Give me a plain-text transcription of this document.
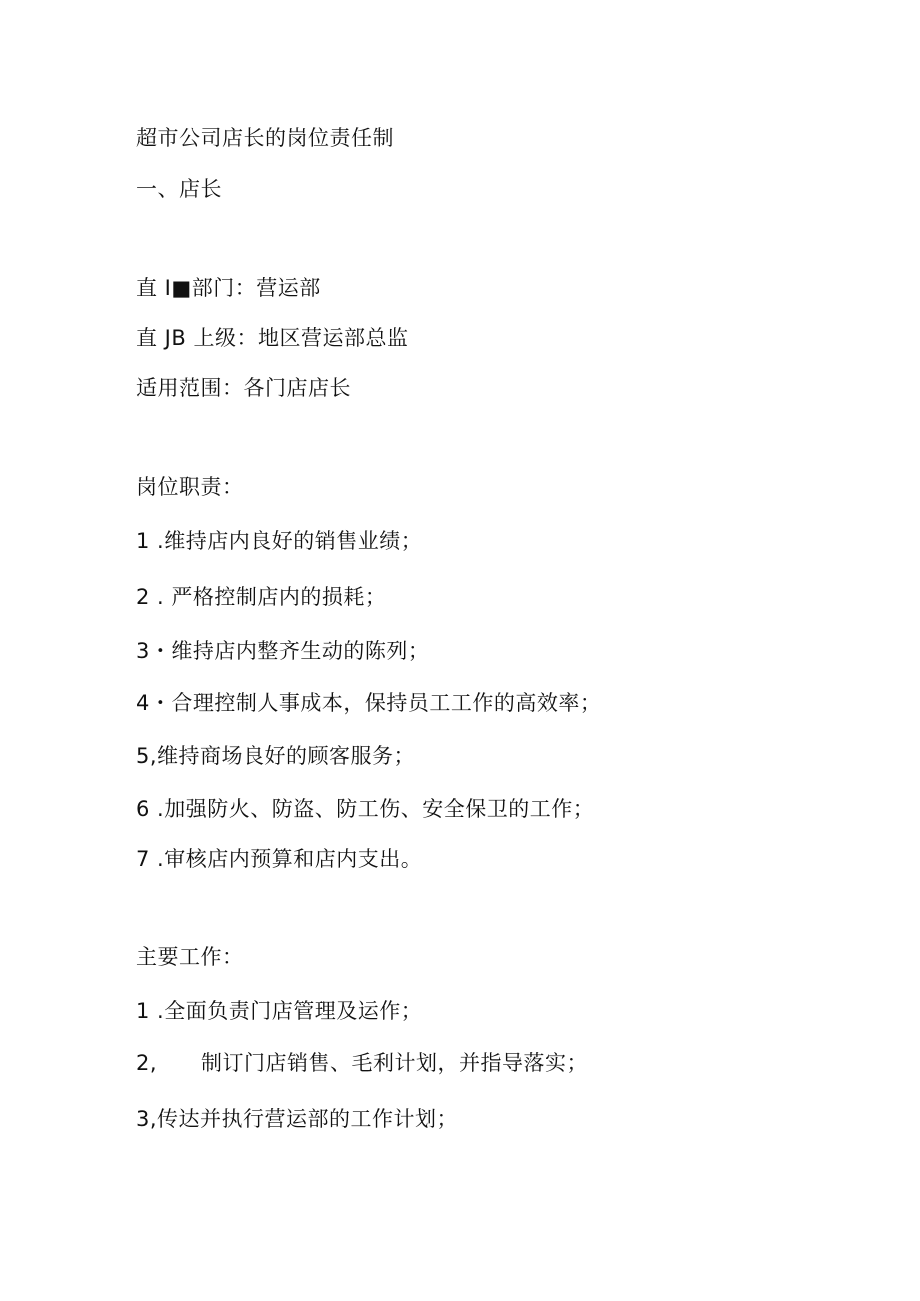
超市公司店长的岗位责任制
一、店长
直 I■部门：营运部
直 JB 上级：地区营运部总监
适用范围：各门店店长
岗位职责：
1 .维持店内良好的销售业绩；
2 . 严格控制店内的损耗；
3・维持店内整齐生动的陈列；
4・合理控制人事成本，保持员工工作的高效率；
5,维持商场良好的顾客服务；
6 .加强防火、防盗、防工伤、安全保卫的工作；
7 .审核店内预算和店内支出。
主要工作：
1 .全面负责门店管理及运作；
2, 制订门店销售、毛利计划，并指导落实；
3,传达并执行营运部的工作计划；
